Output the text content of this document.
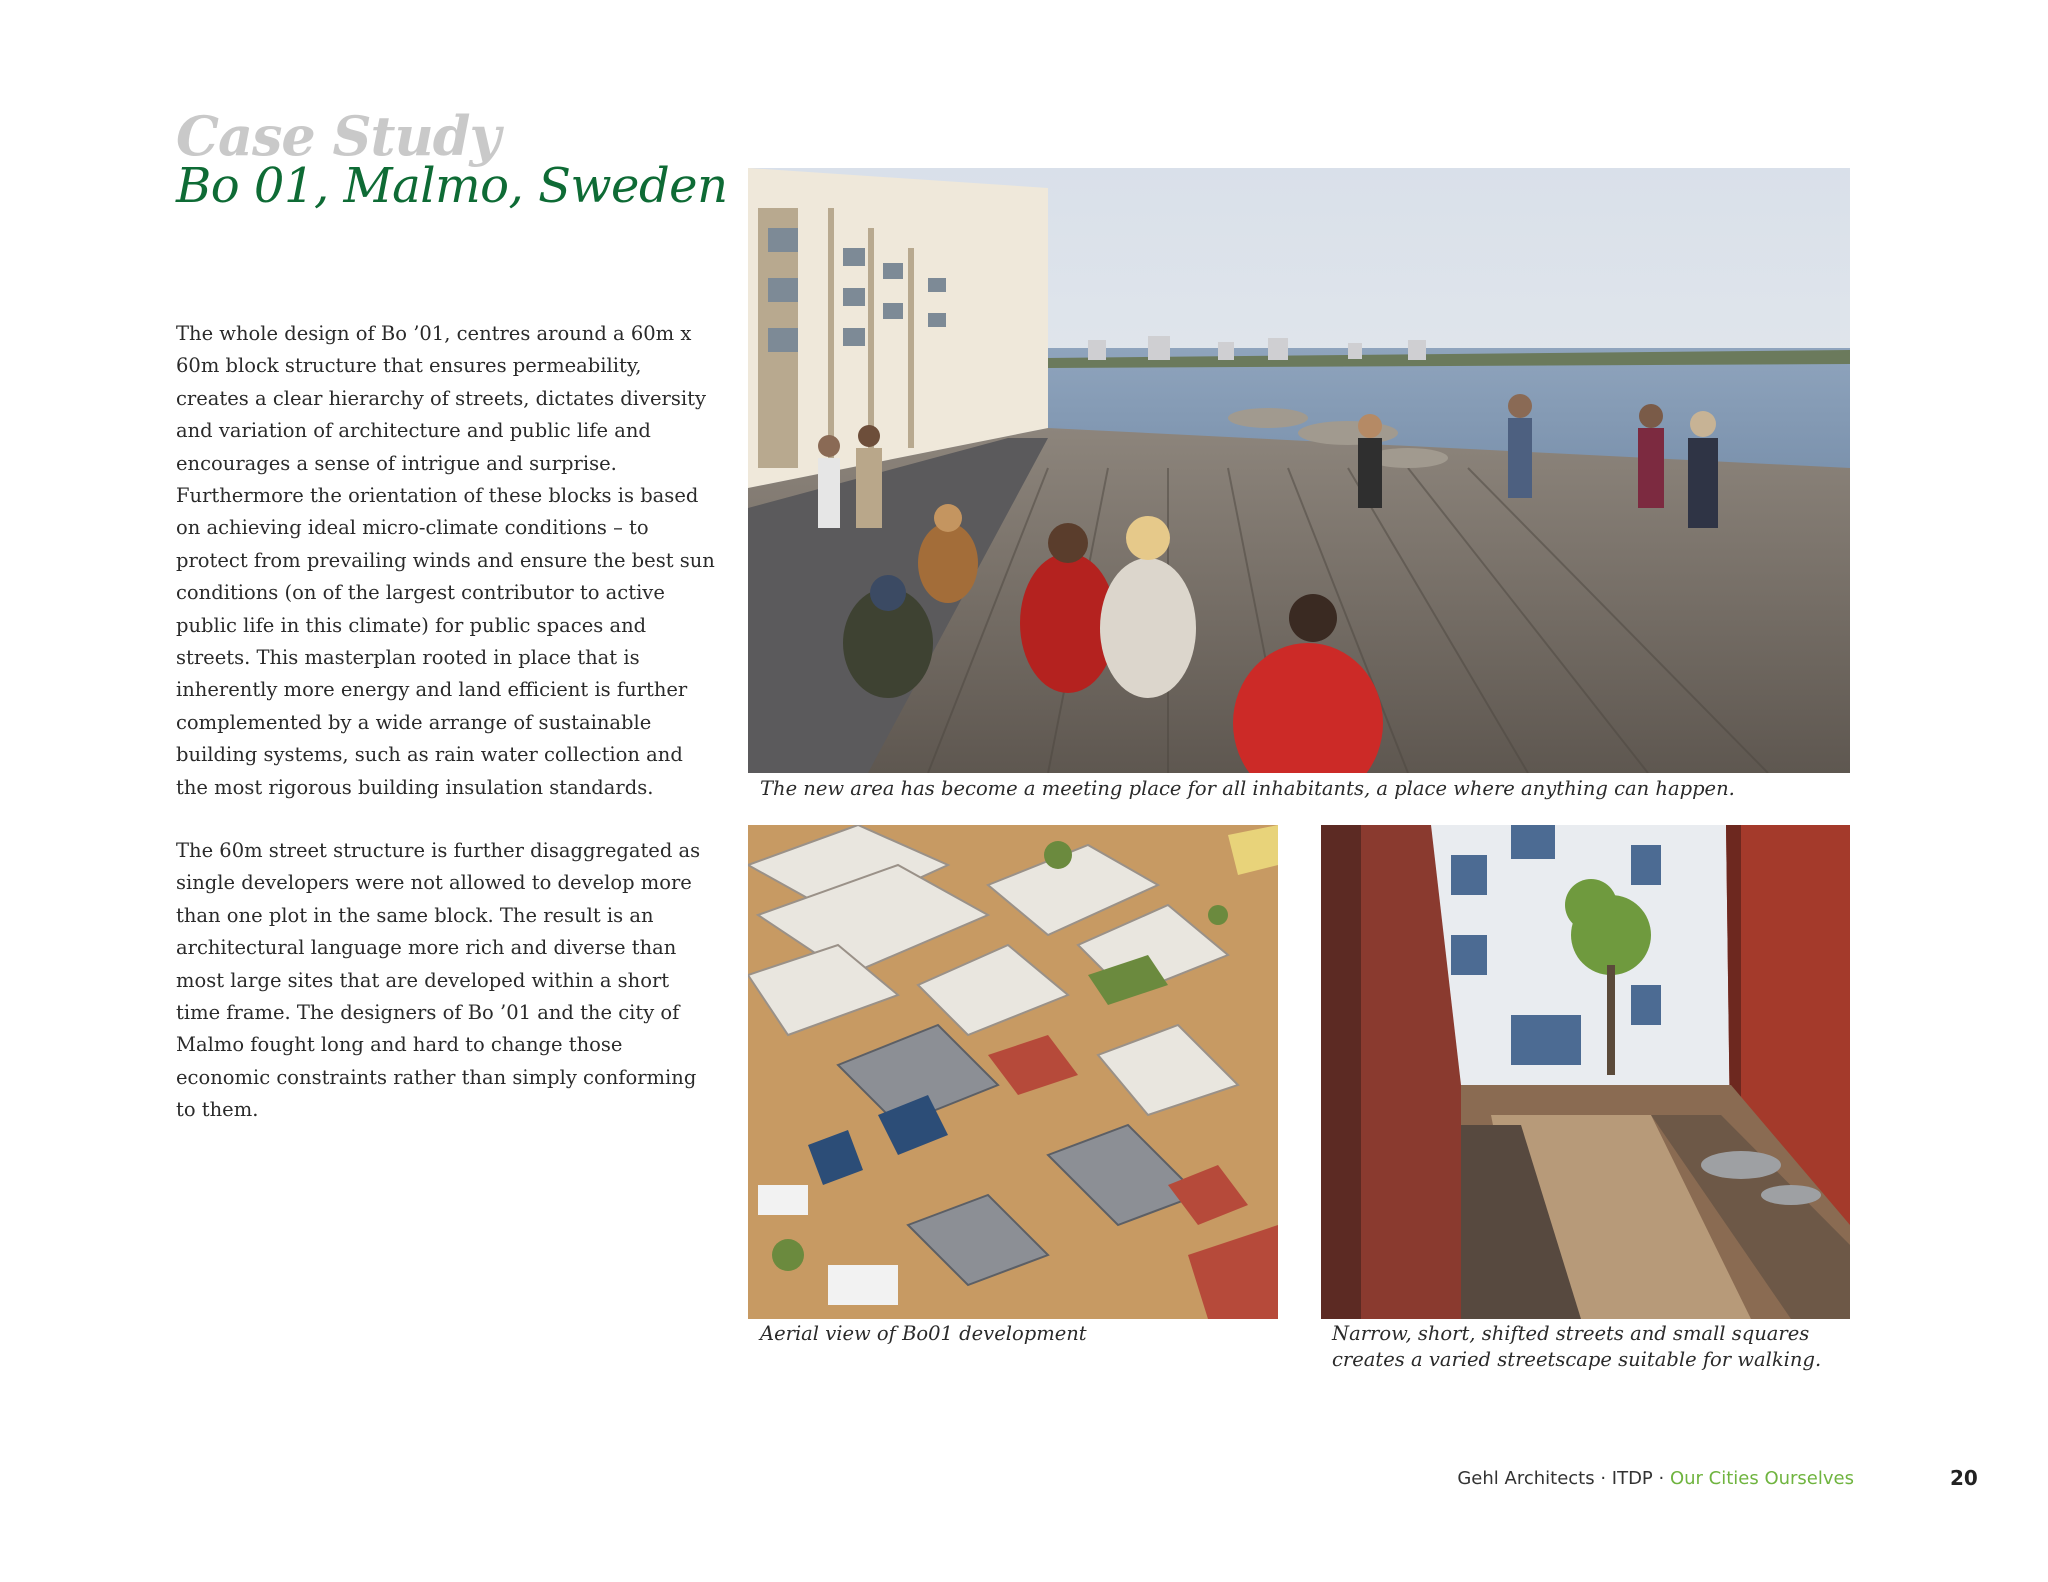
Case Study
Bo 01, Malmo, Sweden

The whole design of Bo ’01, centres around a 60m x 60m block structure that ensures permeability, creates a clear hierarchy of streets, dictates diversity and variation of architecture and public life and encourages a sense of intrigue and surprise. Furthermore the orientation of these blocks is based on achieving ideal micro-climate conditions – to protect from prevailing winds and ensure the best sun conditions (on of the largest contributor to active public life in this climate) for public spaces and streets. This masterplan rooted in place that is inherently more energy and land efficient is further complemented by a wide arrange of sustainable building systems, such as rain water collection and the most rigorous building insulation standards.

The 60m street structure is further disaggregated as single developers were not allowed to develop more than one plot in the same block. The result is an architectural language more rich and diverse than most large sites that are developed within a short time frame. The designers of Bo ’01 and the city of Malmo fought long and hard to change those economic constraints rather than simply conforming to them.

The new area has become a meeting place for all inhabitants, a place where anything can happen.

Aerial view of Bo01 development	Narrow, short, shifted streets and small squares creates a varied streetscape suitable for walking.

Gehl Architects · ITDP · Our Cities Ourselves	20
